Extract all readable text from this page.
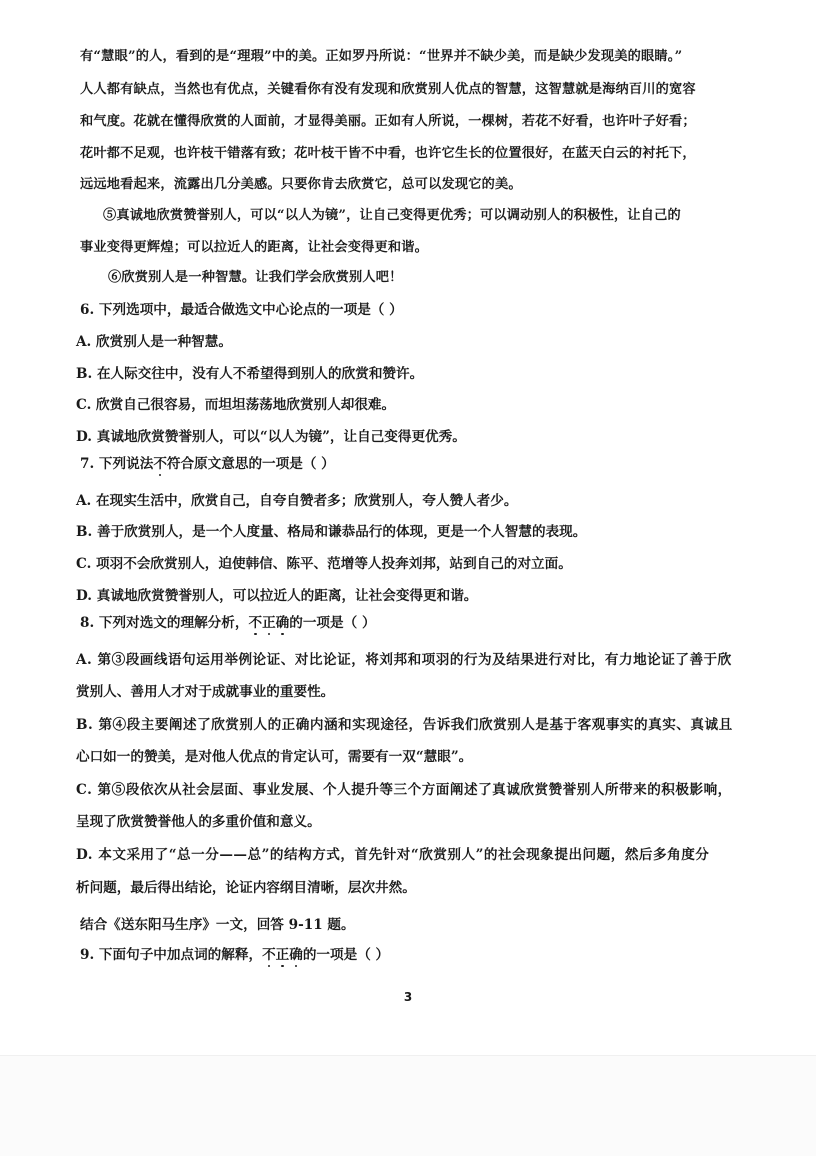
有“慧眼”的人，看到的是“理瑕”中的美。正如罗丹所说：“世界并不缺少美，而是缺少发现美的眼睛。”
人人都有缺点，当然也有优点，关键看你有没有发现和欣赏别人优点的智慧，这智慧就是海纳百川的宽容
和气度。花就在懂得欣赏的人面前，才显得美丽。正如有人所说，一棵树，若花不好看，也许叶子好看；
花叶都不足观，也许枝干错落有致；花叶枝干皆不中看，也许它生长的位置很好，在蓝天白云的衬托下，
远远地看起来，流露出几分美感。只要你肯去欣赏它，总可以发现它的美。
⑤真诚地欣赏赞誉别人，可以“以人为镜”，让自己变得更优秀；可以调动别人的积极性，让自己的
事业变得更辉煌；可以拉近人的距离，让社会变得更和谐。
⑥欣赏别人是一种智慧。让我们学会欣赏别人吧！
6. 下列选项中，最适合做选文中心论点的一项是（ ）
A. 欣赏别人是一种智慧。
B. 在人际交往中，没有人不希望得到别人的欣赏和赞许。
C. 欣赏自己很容易，而坦坦荡荡地欣赏别人却很难。
D. 真诚地欣赏赞誉别人，可以“以人为镜”，让自己变得更优秀。
7. 下列说法不符合原文意思的一项是（ ）
A. 在现实生活中，欣赏自己，自夸自赞者多；欣赏别人，夸人赞人者少。
B. 善于欣赏别人，是一个人度量、格局和谦恭品行的体现，更是一个人智慧的表现。
C. 项羽不会欣赏别人，迫使韩信、陈平、范增等人投奔刘邦，站到自己的对立面。
D. 真诚地欣赏赞誉别人，可以拉近人的距离，让社会变得更和谐。
8. 下列对选文的理解分析，不正确的一项是（ ）
A. 第③段画线语句运用举例论证、对比论证，将刘邦和项羽的行为及结果进行对比，有力地论证了善于欣
赏别人、善用人才对于成就事业的重要性。
B. 第④段主要阐述了欣赏别人的正确内涵和实现途径，告诉我们欣赏别人是基于客观事实的真实、真诚且
心口如一的赞美，是对他人优点的肯定认可，需要有一双“慧眼”。
C. 第⑤段依次从社会层面、事业发展、个人提升等三个方面阐述了真诚欣赏赞誉别人所带来的积极影响，
呈现了欣赏赞誉他人的多重价值和意义。
D. 本文采用了“总一分——总”的结构方式，首先针对“欣赏别人”的社会现象提出问题，然后多角度分
析问题，最后得出结论，论证内容纲目清晰，层次井然。
结合《送东阳马生序》一文，回答 9-11 题。
9. 下面句子中加点词的解释，不正确的一项是（ ）
3
